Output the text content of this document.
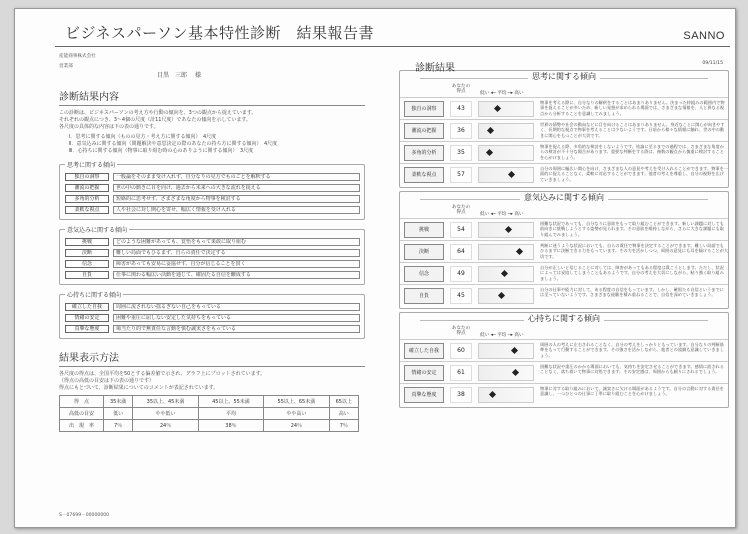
ビジネスパーソン基本特性診断　結果報告書	SANNO
産能商事株式会社
営業部
目黒　三郎 様
診断結果内容
この診断は、ビジネスパーソンの考え方や行動の傾向を、3つの観点から捉えています。
それぞれの観点につき、3〜4個の尺度（計11尺度）であなたの傾向を示しています。
各尺度の具体的な内容は下の表の通りです。
Ⅰ．思考に関する傾向（ものの見方・考え方に関する傾向）　4尺度
Ⅱ．意気込みに関する傾向（問題解決や意思決定の際のあなたの持ち方に関する傾向）　4尺度
Ⅲ．心持ちに関する傾向（物事に取り組む時の心のありように関する傾向）　3尺度
思考に関する傾向
独自の洞察	一般論をそのまま受け入れず、自分なりの見方でものごとを解釈する
潮流の把握	世の中の動きに目を向け、過去から未来への大きな流れを捉える
多角的分析	短絡的に思考せず、さまざまな角度から物事を検討する
柔軟な視点	人や社会に対し開心を寄せ、幅広く情報を受け入れる
意気込みに関する傾向
挑戦	どのような困難があっても、覚悟をもって果敢に取り組む
決断	難しい局面でもひるまず、自らの責任で決定する
信念	障害があっても安易に妥協せず、自分が信じることを貫く
自負	仕事に関わる幅広い活動を通じて、確固たる自信を醸成する
心持ちに関する傾向
確立した自我	周囲に流されない揺るぎない自己をもっている
情緒の安定	困難や重圧に屈しない安定した気持ちをもっている
真摯な態度	場当たり的で無責任な言動を慎む誠実さをもっている
結果表示方法
各尺度の得点は、全国平均を50とする偏差値で示され、グラフ上にプロットされています。
（得点の高低の目安は下の表の通りです）
得点にもとづいて、診断結果についてのコメントが表記されています。
得　点	35未満	35以上、45未満	45以上、55未満	55以上、65未満	65以上
高低の目安	低い	やや低い	平均	やや高い	高い
出　現　率	7％	24％	38％	24％	7％
S－07699－00000000
診断結果	09/11/15
思考に関する傾向
あなたの得点	低い ◂─ 平均 ─▸ 高い
独自の洞察	43
物事を考える際に、自分なりの解釈をすることはあまりありません。決まった枠組みの範囲内で物事を捉えることが多いため、新しい発想が求められる場面では、さまざまな情報を、人と異なる視点から分析することを意識してみましょう。
潮流の把握	36
世界の情勢や社会の動向などに目を向けることはあまりありません。身近なことに関心が向きやすく、長期的な視点で物事を考えることは少ないようです。日頃から様々な情報に触れ、世の中の動きに関心をもつことが大切です。
多角的分析	35
物事を捉える際、多角的な検討をしないようです。結論に至るまでの過程では、さまざまな角度からの検討が不十分な場合があります。重要な判断をする際は、複数の観点から慎重に検討することを心がけましょう。
柔軟な視点	57
自分の周囲に幅広い関心を向け、さまざまな人の意見や考えを受け入れることができます。物事を一面的に捉えることなく、柔軟に対応することができます。他者の考えを尊重し、自分の視野を広げていきましょう。
意気込みに関する傾向
あなたの得点	低い ◂─ 平均 ─▸ 高い
挑戦	54
困難な状況であっても、自分なりに意欲をもって取り組むことができます。新しい課題に対しても前向きに挑戦しようとする姿勢が見られます。その意欲を維持しながら、さらに大きな課題にも取り組んでみましょう。
決断	64
判断に迷うような状況においても、自らの責任で物事を決定することができます。難しい局面でもひるまずに決断できる力をもっています。その力を活かしつつ、周囲の意見にも耳を傾けることが大切です。
信念	49
自分が正しいと信じることに対しては、障害があってもある程度は貫こうとします。ただし、状況によっては妥協してしまうこともあるようです。自分の考えを大切にしながら、粘り強く取り組みましょう。
自負	45
自分の仕事や能力に対して、ある程度の自信をもっています。しかし、確固たる自信というまでには至っていないようです。さまざまな経験を積み重ねることで、自信を深めていきましょう。
心持ちに関する傾向
あなたの得点	低い ◂─ 平均 ─▸ 高い
確立した自我	60
周囲の人の考えに左右されることなく、自分の考えをしっかりともっています。自分なりの判断基準をもって行動することができます。その強さを活かしながら、他者との協調も意識していきましょう。
情緒の安定	61
困難な状況や重圧のかかる場面においても、気持ちを安定させることができます。感情に流されることなく、落ち着いて物事に対処できます。その安定感は、周囲からも頼りにされるでしょう。
真摯な態度	38
物事に対する取り組みにおいて、誠実さに欠ける場面があるようです。自分の言動に対する責任を意識し、一つひとつの仕事に丁寧に取り組むことを心がけましょう。
